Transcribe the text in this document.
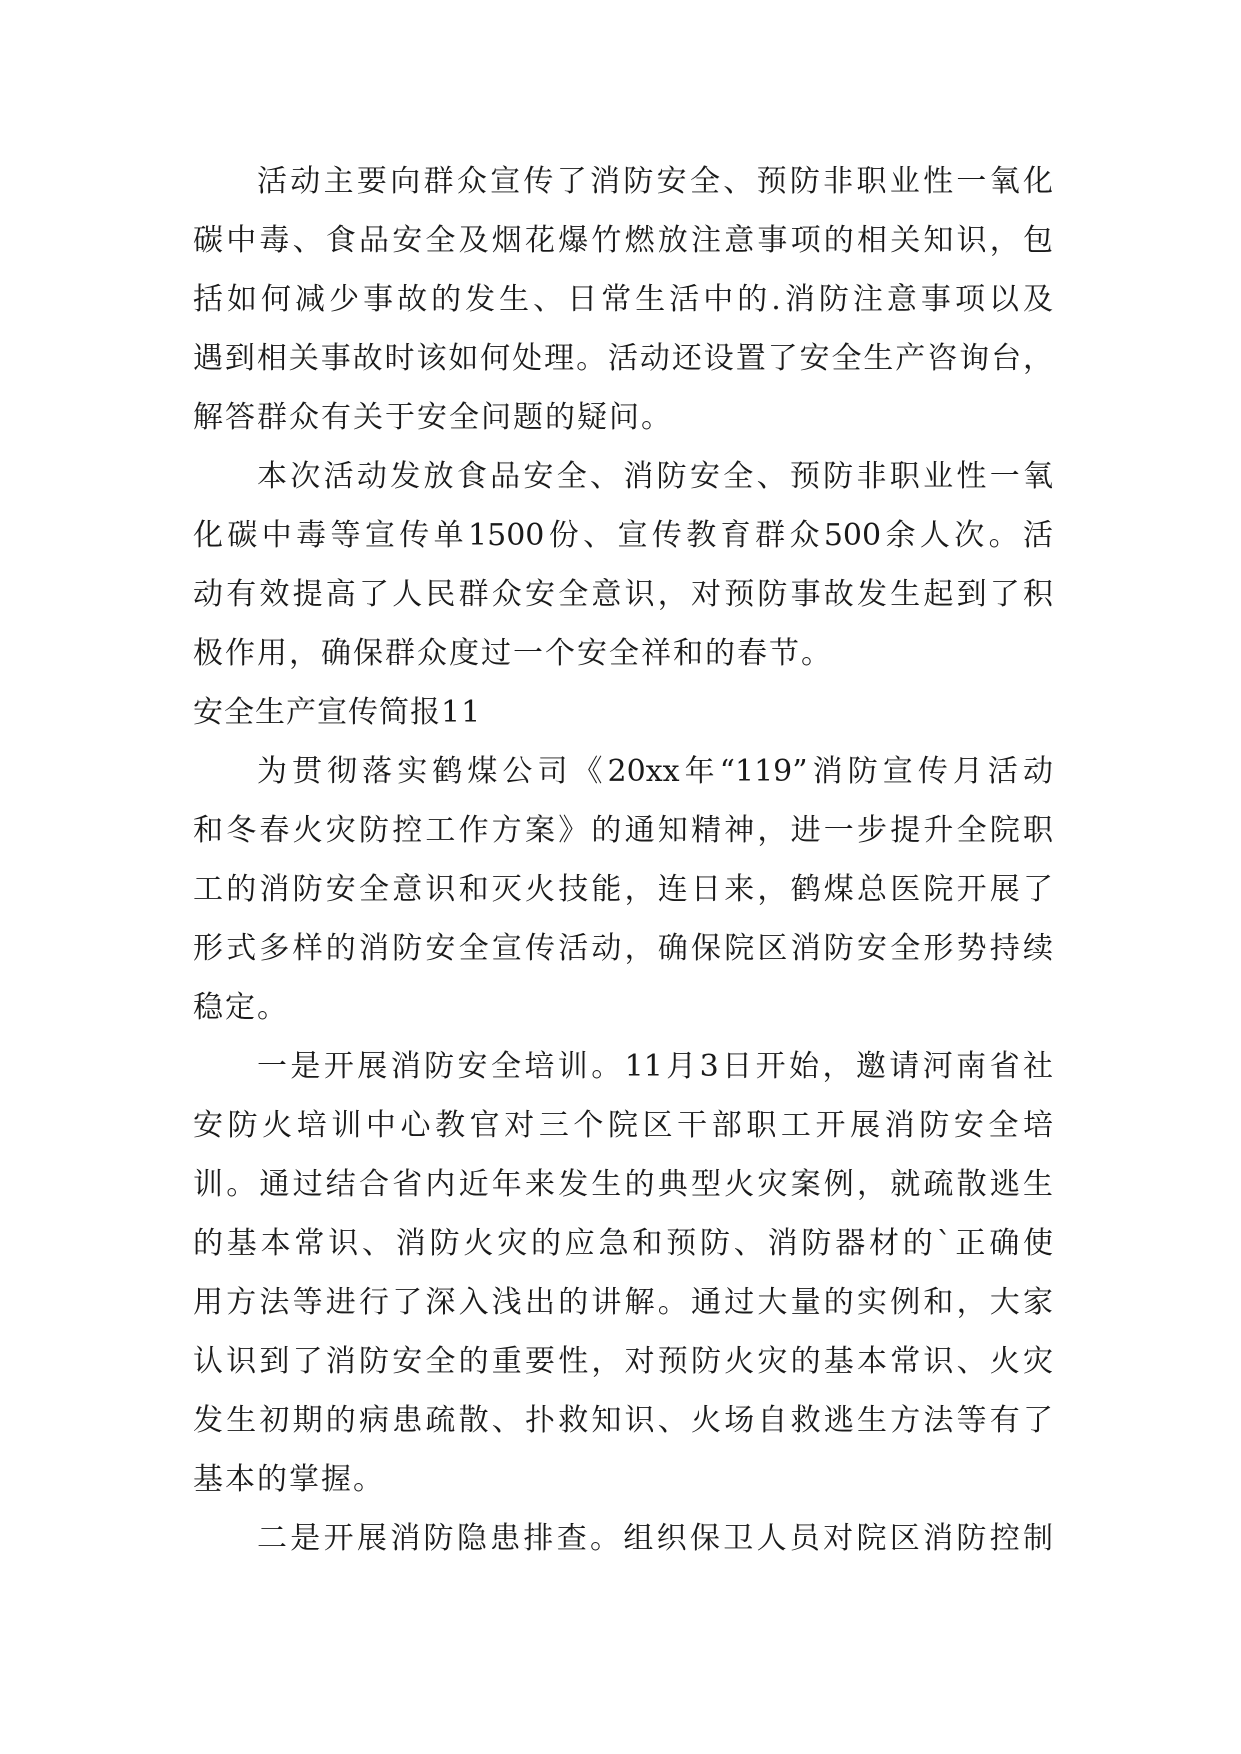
活动主要向群众宣传了消防安全、预防非职业性一氧化
碳中毒、食品安全及烟花爆竹燃放注意事项的相关知识，包
括如何减少事故的发生、日常生活中的.消防注意事项以及
遇到相关事故时该如何处理。活动还设置了安全生产咨询台，
解答群众有关于安全问题的疑问。
本次活动发放食品安全、消防安全、预防非职业性一氧
化碳中毒等宣传单1500份、宣传教育群众500余人次。活
动有效提高了人民群众安全意识，对预防事故发生起到了积
极作用，确保群众度过一个安全祥和的春节。
安全生产宣传简报11
为贯彻落实鹤煤公司《20xx年“119”消防宣传月活动
和冬春火灾防控工作方案》的通知精神，进一步提升全院职
工的消防安全意识和灭火技能，连日来，鹤煤总医院开展了
形式多样的消防安全宣传活动，确保院区消防安全形势持续
稳定。
一是开展消防安全培训。11月3日开始，邀请河南省社
安防火培训中心教官对三个院区干部职工开展消防安全培
训。通过结合省内近年来发生的典型火灾案例，就疏散逃生
的基本常识、消防火灾的应急和预防、消防器材的`正确使
用方法等进行了深入浅出的讲解。通过大量的实例和，大家
认识到了消防安全的重要性，对预防火灾的基本常识、火灾
发生初期的病患疏散、扑救知识、火场自救逃生方法等有了
基本的掌握。
二是开展消防隐患排查。组织保卫人员对院区消防控制
